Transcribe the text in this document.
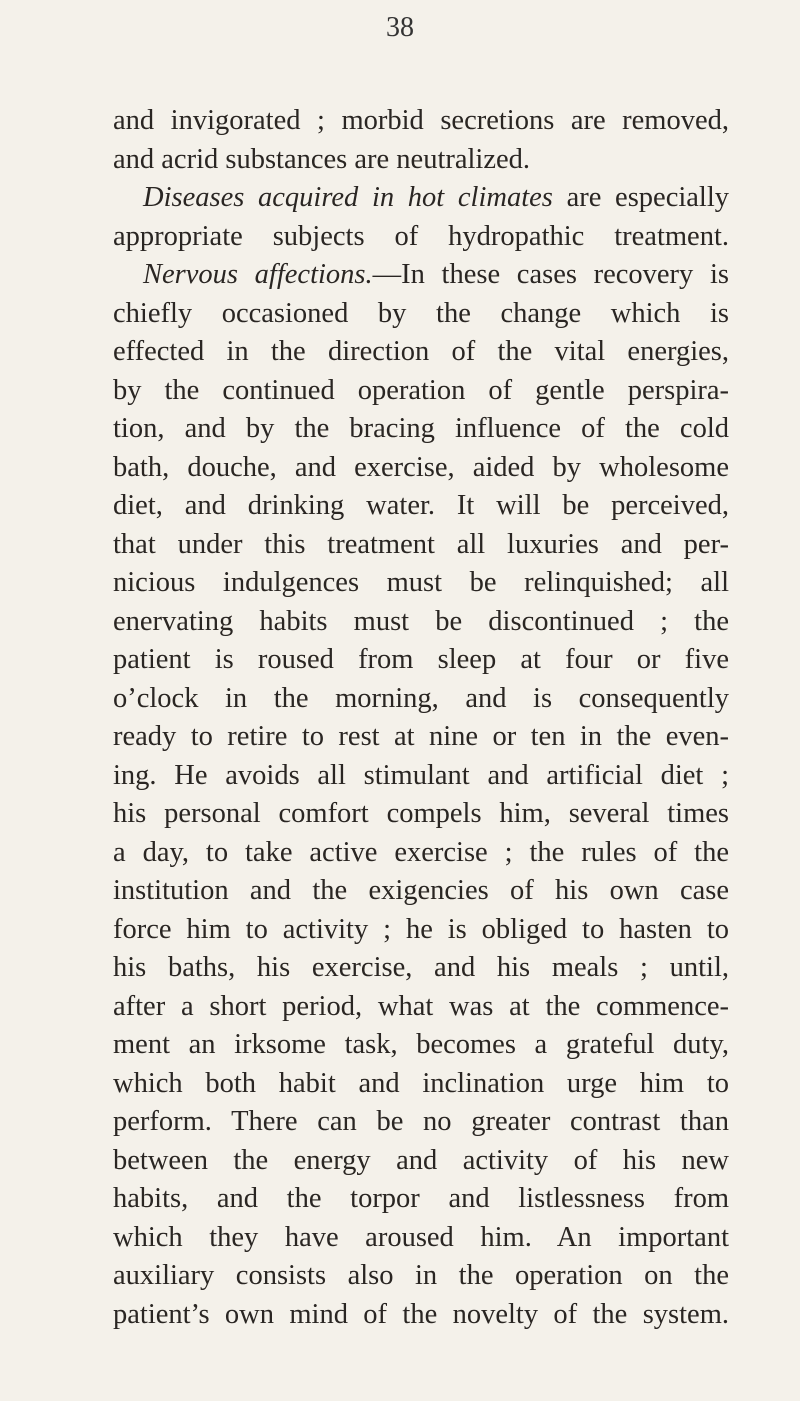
38
and invigorated ; morbid secretions are removed,
and acrid substances are neutralized.
Diseases acquired in hot climates are especially
appropriate subjects of hydropathic treatment.
Nervous affections.—In these cases recovery is
chiefly occasioned by the change which is
effected in the direction of the vital energies,
by the continued operation of gentle perspira-
tion, and by the bracing influence of the cold
bath, douche, and exercise, aided by wholesome
diet, and drinking water. It will be perceived,
that under this treatment all luxuries and per-
nicious indulgences must be relinquished; all
enervating habits must be discontinued ; the
patient is roused from sleep at four or five
o’clock in the morning, and is consequently
ready to retire to rest at nine or ten in the even-
ing. He avoids all stimulant and artificial diet ;
his personal comfort compels him, several times
a day, to take active exercise ; the rules of the
institution and the exigencies of his own case
force him to activity ; he is obliged to hasten to
his baths, his exercise, and his meals ; until,
after a short period, what was at the commence-
ment an irksome task, becomes a grateful duty,
which both habit and inclination urge him to
perform. There can be no greater contrast than
between the energy and activity of his new
habits, and the torpor and listlessness from
which they have aroused him. An important
auxiliary consists also in the operation on the
patient’s own mind of the novelty of the system.
